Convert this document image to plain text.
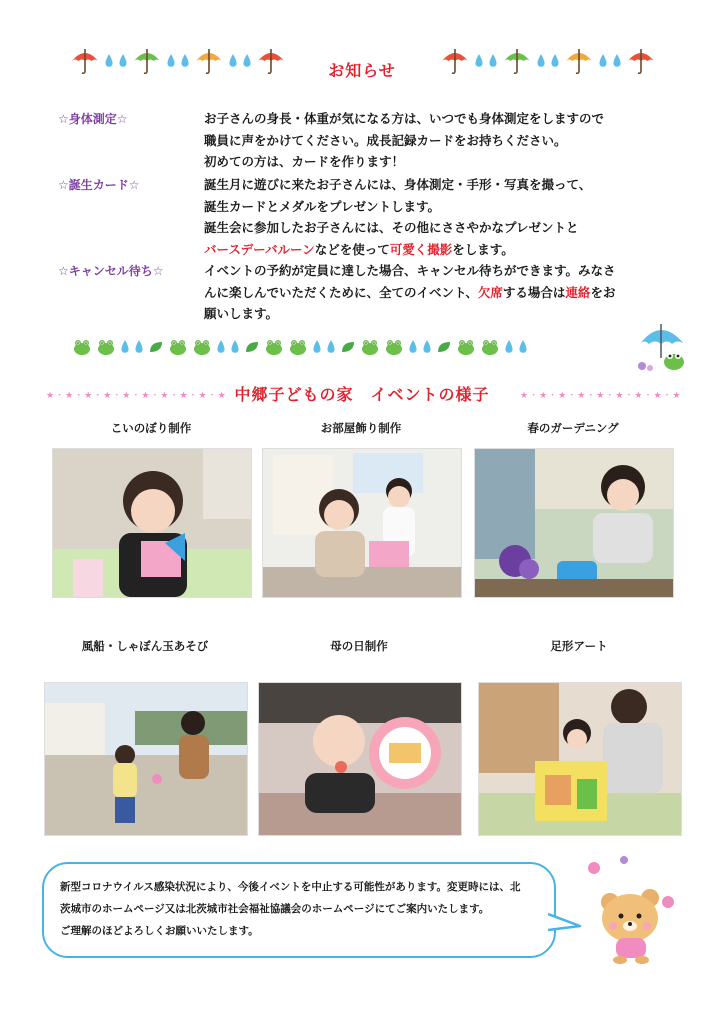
お知らせ
☆身体測定☆	お子さんの身長・体重が気になる方は、いつでも身体測定をしますので
職員に声をかけてください。成長記録カードをお持ちください。
初めての方は、カードを作ります！
☆誕生カード☆	誕生月に遊びに来たお子さんには、身体測定・手形・写真を撮って、
誕生カードとメダルをプレゼントします。
誕生会に参加したお子さんには、その他にささやかなプレゼントと
バースデーバルーンなどを使って可愛く撮影をします。
☆キャンセル待ち☆	イベントの予約が定員に達した場合、キャンセル待ちができます。みなさ
んに楽しんでいただくために、全てのイベント、欠席する場合は連絡をお
願いします。
★・★・★・★・★・★・★・★・★・★ 中郷子どもの家　イベントの様子	★・★・★・★・★・★・★・★・★
こいのぼり制作	お部屋飾り制作	春のガーデニング
風船・しゃぼん玉あそび	母の日制作	足形アート
新型コロナウイルス感染状況により、今後イベントを中止する可能性があります。変更時には、北
茨城市のホームページ又は北茨城市社会福祉協議会のホームページにてご案内いたします。
ご理解のほどよろしくお願いいたします。
